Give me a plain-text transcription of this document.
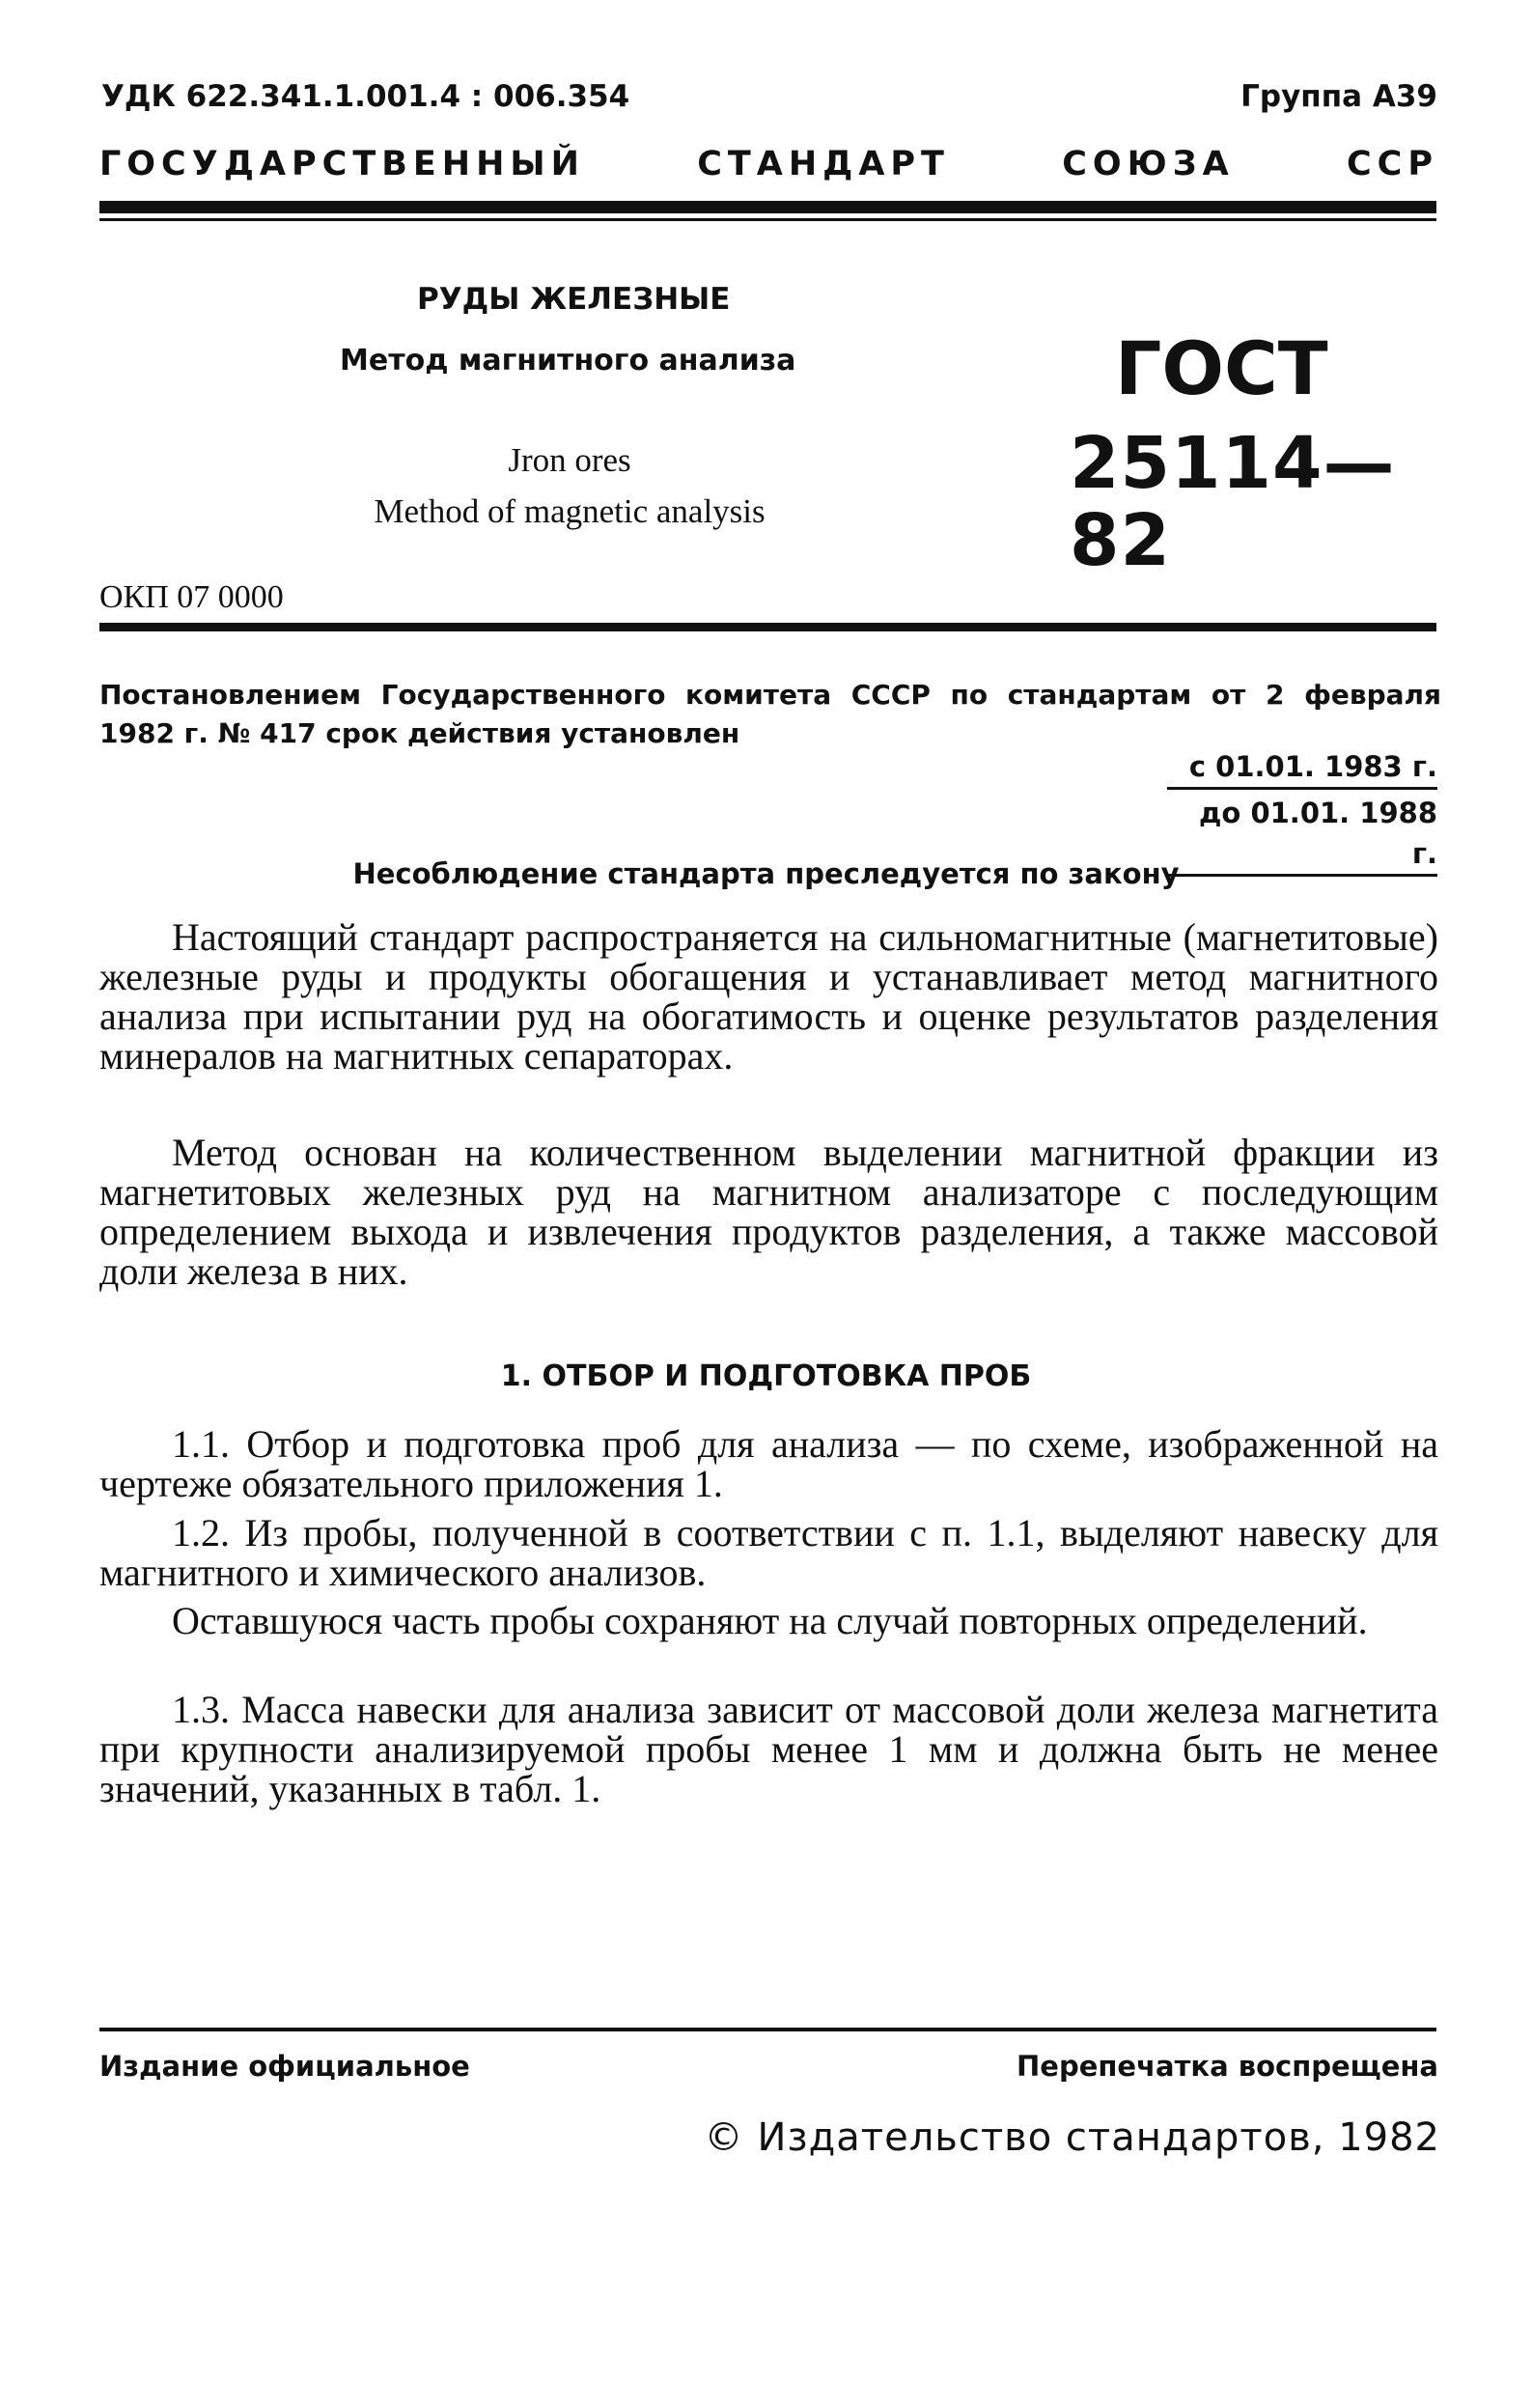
УДК 622.341.1.001.4 : 006.354	Группа А39
ГОСУДАРСТВЕННЫЙ СТАНДАРТ СОЮЗА ССР
РУДЫ ЖЕЛЕЗНЫЕ
Метод магнитного анализа
Jron ores
Method of magnetic analysis
ГОСТ
25114—82
ОКП 07 0000
Постановлением Государственного комитета СССР по стандартам от 2 февраля 1982 г. № 417 срок действия установлен
с 01.01. 1983 г.
до 01.01. 1988 г.
Несоблюдение стандарта преследуется по закону

Настоящий стандарт распространяется на сильномагнитные (магнетитовые) железные руды и продукты обогащения и устанавливает метод магнитного анализа при испытании руд на обогатимость и оценке результатов разделения минералов на магнитных сепараторах.

Метод основан на количественном выделении магнитной фракции из магнетитовых железных руд на магнитном анализаторе с последующим определением выхода и извлечения продуктов разделения, а также массовой доли железа в них.

1. ОТБОР И ПОДГОТОВКА ПРОБ

1.1. Отбор и подготовка проб для анализа — по схеме, изображенной на чертеже обязательного приложения 1.

1.2. Из пробы, полученной в соответствии с п. 1.1, выделяют навеску для магнитного и химического анализов.

Оставшуюся часть пробы сохраняют на случай повторных определений.

1.3. Масса навески для анализа зависит от массовой доли железа магнетита при крупности анализируемой пробы менее 1 мм и должна быть не менее значений, указанных в табл. 1.

Издание официальное	Перепечатка воспрещена
© Издательство стандартов, 1982
